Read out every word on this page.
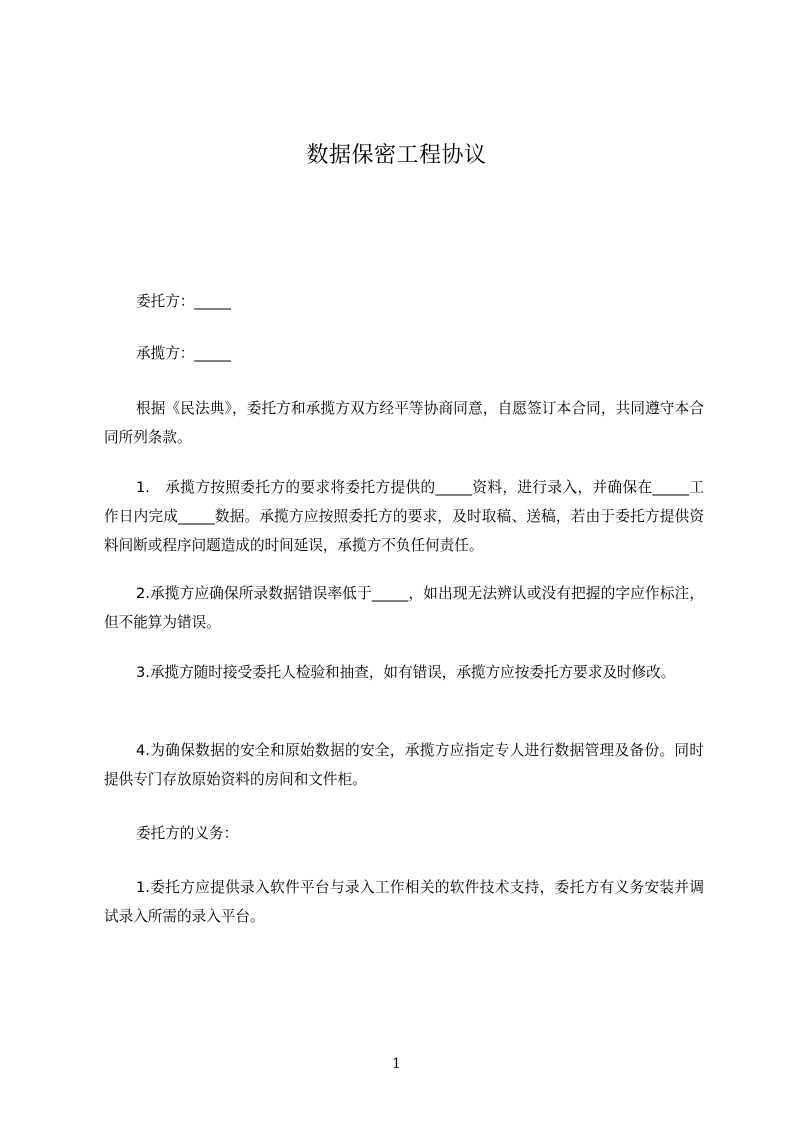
数据保密工程协议

委托方：_____

承揽方：_____

根据《民法典》，委托方和承揽方双方经平等协商同意，自愿签订本合同，共同遵守本合同所列条款。

1.　承揽方按照委托方的要求将委托方提供的_____资料，进行录入，并确保在_____工作日内完成_____数据。承揽方应按照委托方的要求，及时取稿、送稿，若由于委托方提供资料间断或程序问题造成的时间延误，承揽方不负任何责任。

2.承揽方应确保所录数据错误率低于_____，如出现无法辨认或没有把握的字应作标注，但不能算为错误。

3.承揽方随时接受委托人检验和抽查，如有错误，承揽方应按委托方要求及时修改。

4.为确保数据的安全和原始数据的安全，承揽方应指定专人进行数据管理及备份。同时提供专门存放原始资料的房间和文件柜。

委托方的义务：

1.委托方应提供录入软件平台与录入工作相关的软件技术支持，委托方有义务安装并调试录入所需的录入平台。

1
